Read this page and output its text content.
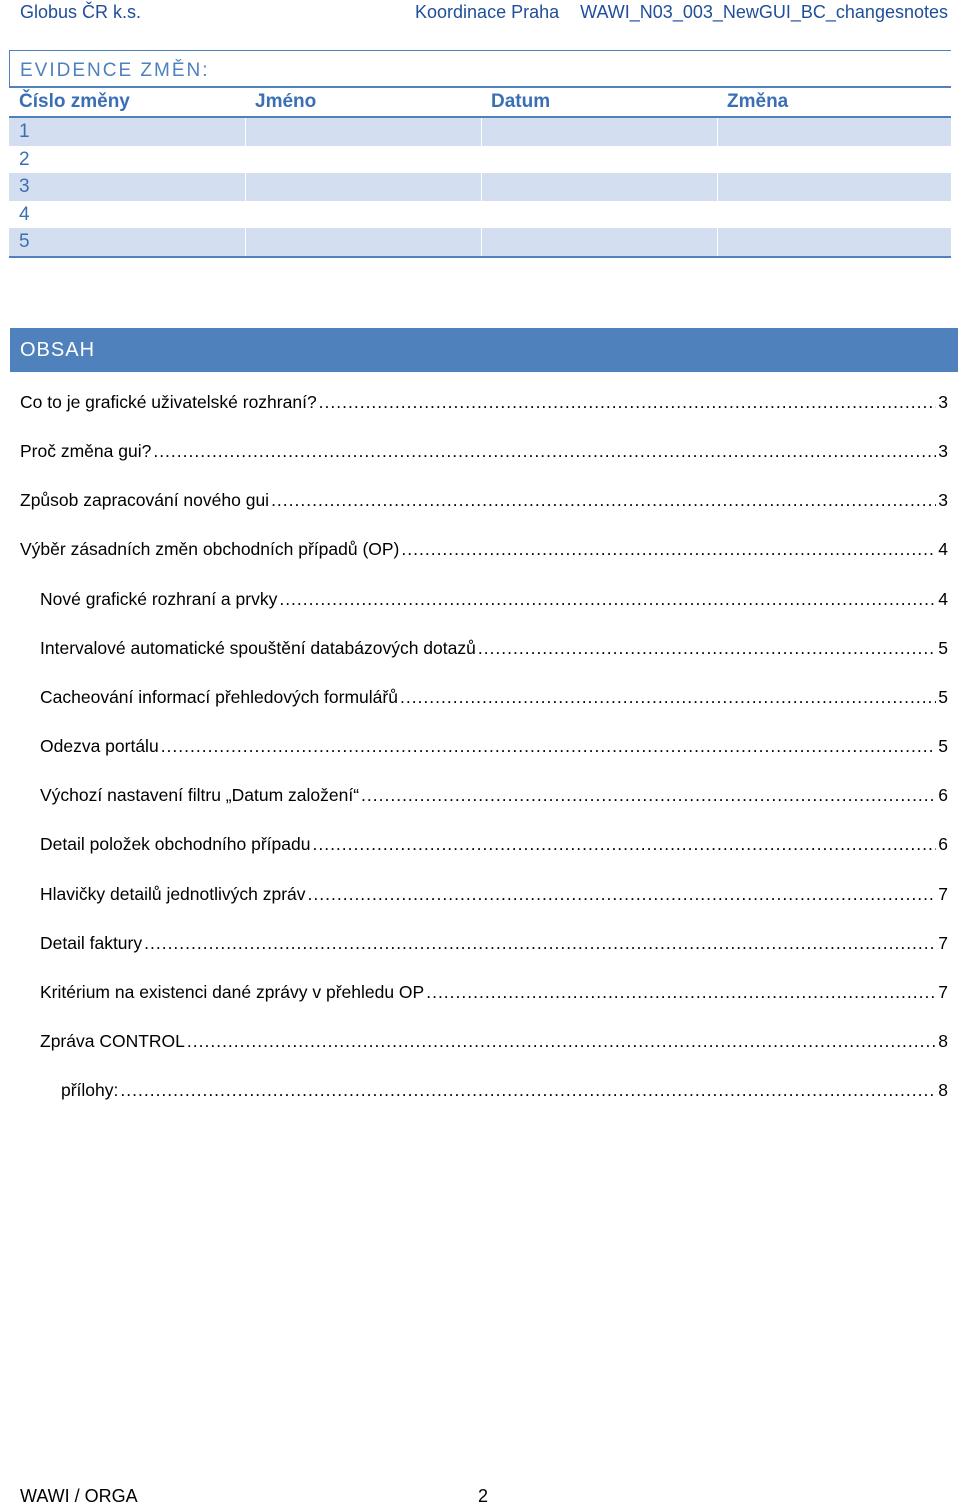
Globus ČR k.s.	Koordinace Praha WAWI_N03_003_NewGUI_BC_changesnotes
EVIDENCE ZMĚN:
Číslo změny	Jméno	Datum	Změna
1
2
3
4
5
OBSAH
Co to je grafické uživatelské rozhraní? .....	3
Proč změna gui? .....	3
Způsob zapracování nového gui .....	3
Výběr zásadních změn obchodních případů (OP) .....	4
Nové grafické rozhraní a prvky .....	4
Intervalové automatické spouštění databázových dotazů .....	5
Cacheování informací přehledových formulářů .....	5
Odezva portálu .....	5
Výchozí nastavení filtru „Datum založení“ .....	6
Detail položek obchodního případu .....	6
Hlavičky detailů jednotlivých zpráv .....	7
Detail faktury .....	7
Kritérium na existenci dané zprávy v přehledu OP .....	7
Zpráva CONTROL .....	8
přílohy: .....	8
WAWI / ORGA	2
